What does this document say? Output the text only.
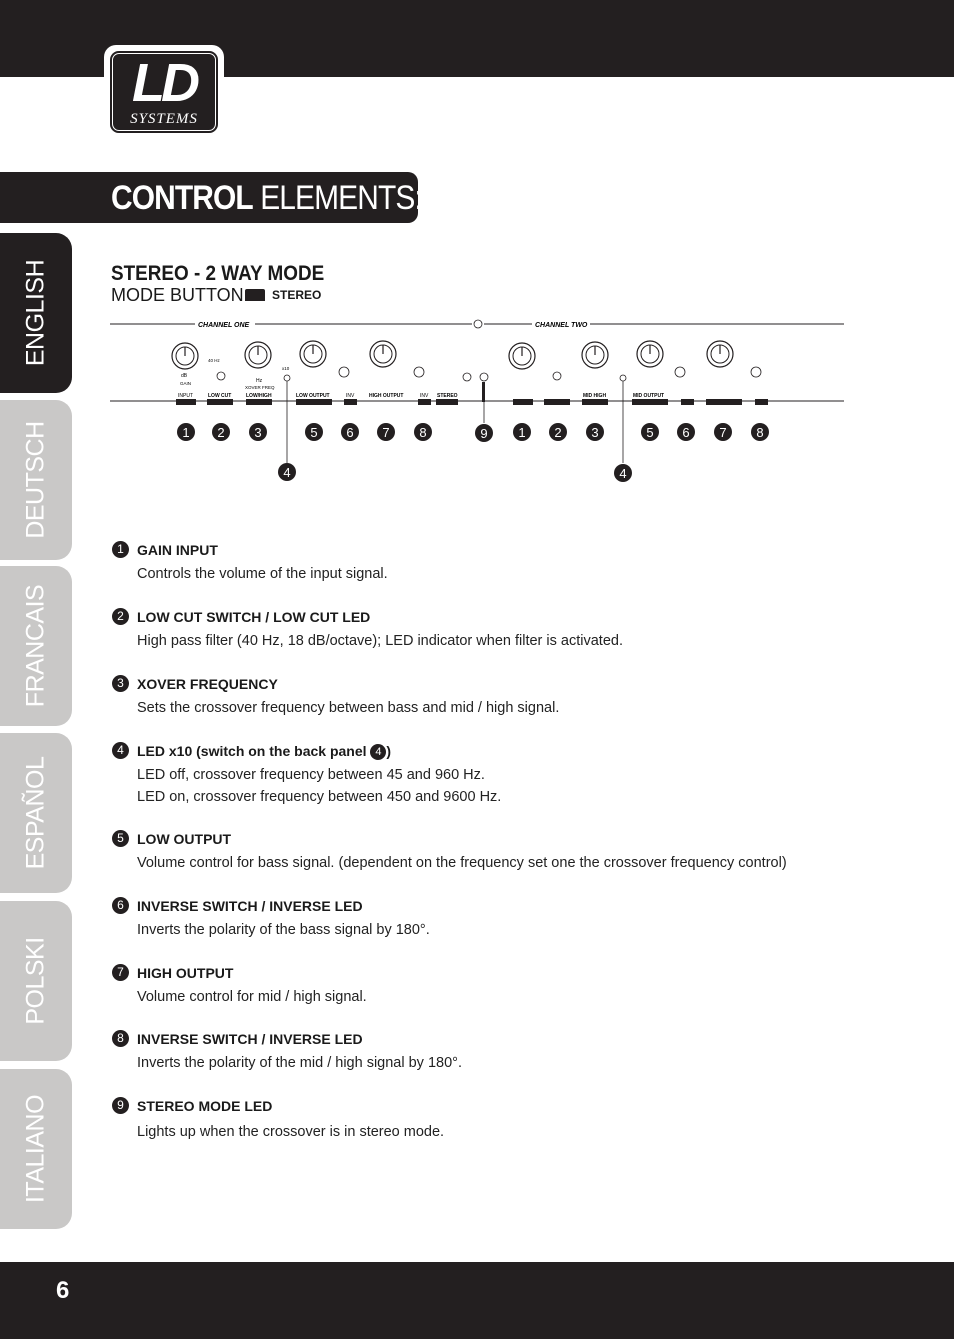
LD
SYSTEMS
CONTROL ELEMENTS:
ENGLISH
DEUTSCH
FRANCAIS
ESPAÑOL
POLSKI
ITALIANO
STEREO - 2 WAY MODE
MODE BUTTON STEREO
CHANNEL ONE	CHANNEL TWO
dB
GAIN
40 Hz
Hz
XOVER FREQ
x10
INPUT	LOW CUT	LOW/HIGH	LOW OUTPUT	INV	HIGH OUTPUT	INV STEREO	MID HIGH	MID OUTPUT
1 2 3	5 6 7 8	9 1 2 3	5 6 7 8
4	4
1 GAIN INPUT
Controls the volume of the input signal.
2 LOW CUT SWITCH / LOW CUT LED
High pass filter (40 Hz, 18 dB/octave); LED indicator when filter is activated.
3 XOVER FREQUENCY
Sets the crossover frequency between bass and mid / high signal.
4 LED x10 (switch on the back panel 4 )
LED off, crossover frequency between 45 and 960 Hz.
LED on, crossover frequency between 450 and 9600 Hz.
5 LOW OUTPUT
Volume control for bass signal. (dependent on the frequency set one the crossover frequency control)
6 INVERSE SWITCH / INVERSE LED
Inverts the polarity of the bass signal by 180°.
7 HIGH OUTPUT
Volume control for mid / high signal.
8 INVERSE SWITCH / INVERSE LED
Inverts the polarity of the mid / high signal by 180°.
9 STEREO MODE LED
Lights up when the crossover is in stereo mode.
6
